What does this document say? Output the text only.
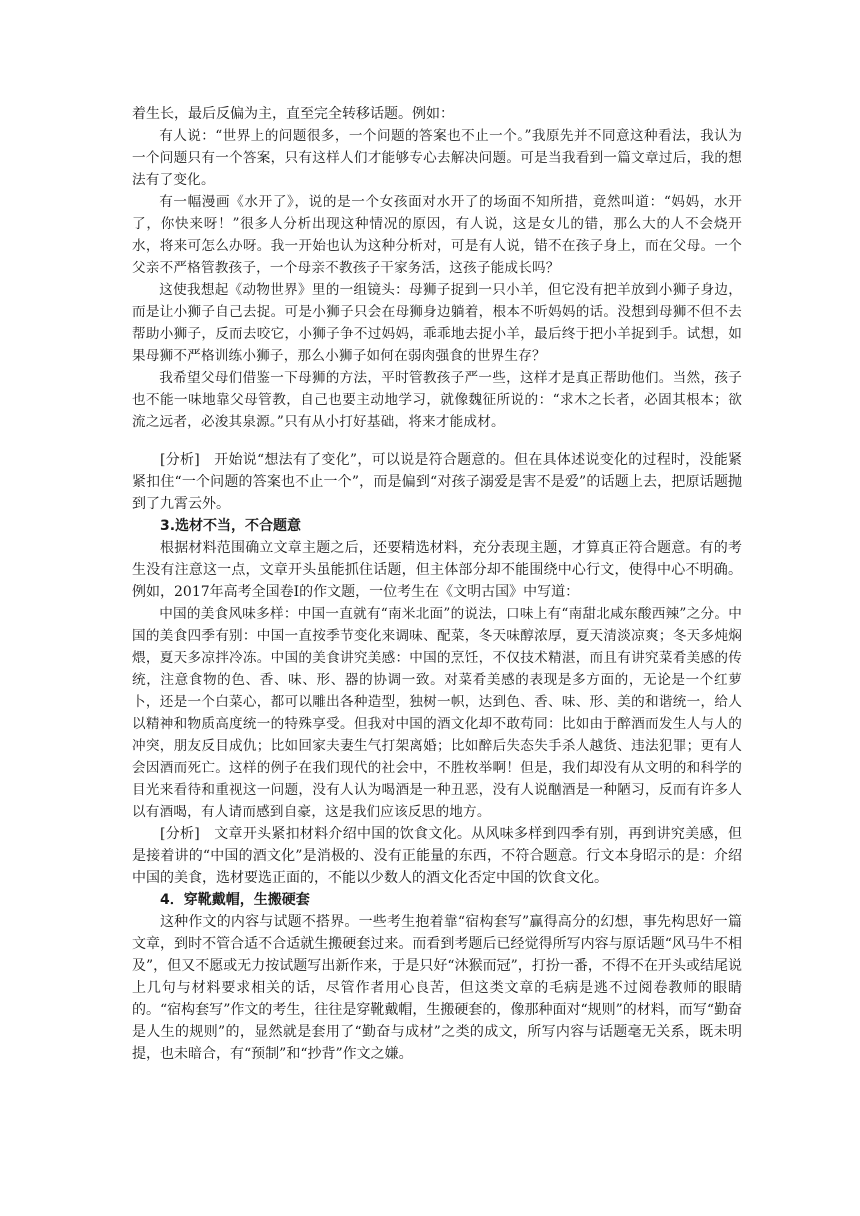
着生长，最后反偏为主，直至完全转移话题。例如：

有人说：“世界上的问题很多，一个问题的答案也不止一个。”我原先并不同意这种看法，我认为一个问题只有一个答案，只有这样人们才能够专心去解决问题。可是当我看到一篇文章过后，我的想法有了变化。

有一幅漫画《水开了》，说的是一个女孩面对水开了的场面不知所措，竟然叫道：“妈妈，水开了，你快来呀！”很多人分析出现这种情况的原因，有人说，这是女儿的错，那么大的人不会烧开水，将来可怎么办呀。我一开始也认为这种分析对，可是有人说，错不在孩子身上，而在父母。一个父亲不严格管教孩子，一个母亲不教孩子干家务活，这孩子能成长吗？

这使我想起《动物世界》里的一组镜头：母狮子捉到一只小羊，但它没有把羊放到小狮子身边，而是让小狮子自己去捉。可是小狮子只会在母狮身边躺着，根本不听妈妈的话。没想到母狮不但不去帮助小狮子，反而去咬它，小狮子争不过妈妈，乖乖地去捉小羊，最后终于把小羊捉到手。试想，如果母狮不严格训练小狮子，那么小狮子如何在弱肉强食的世界生存？

我希望父母们借鉴一下母狮的方法，平时管教孩子严一些，这样才是真正帮助他们。当然，孩子也不能一味地靠父母管教，自己也要主动地学习，就像魏征所说的：“求木之长者，必固其根本；欲流之远者，必浚其泉源。”只有从小打好基础，将来才能成材。

[分析]　开始说“想法有了变化”，可以说是符合题意的。但在具体述说变化的过程时，没能紧紧扣住“一个问题的答案也不止一个”，而是偏到“对孩子溺爱是害不是爱”的话题上去，把原话题抛到了九霄云外。

3.选材不当，不合题意

根据材料范围确立文章主题之后，还要精选材料，充分表现主题，才算真正符合题意。有的考生没有注意这一点，文章开头虽能抓住话题，但主体部分却不能围绕中心行文，使得中心不明确。例如，2017年高考全国卷Ⅰ的作文题，一位考生在《文明古国》中写道：

中国的美食风味多样：中国一直就有“南米北面”的说法，口味上有“南甜北咸东酸西辣”之分。中国的美食四季有别：中国一直按季节变化来调味、配菜，冬天味醇浓厚，夏天清淡凉爽；冬天多炖焖煨，夏天多凉拌冷冻。中国的美食讲究美感：中国的烹饪，不仅技术精湛，而且有讲究菜肴美感的传统，注意食物的色、香、味、形、器的协调一致。对菜肴美感的表现是多方面的，无论是一个红萝卜，还是一个白菜心，都可以雕出各种造型，独树一帜，达到色、香、味、形、美的和谐统一，给人以精神和物质高度统一的特殊享受。但我对中国的酒文化却不敢苟同：比如由于醉酒而发生人与人的冲突，朋友反目成仇；比如回家夫妻生气打架离婚；比如醉后失态失手杀人越货、违法犯罪；更有人会因酒而死亡。这样的例子在我们现代的社会中，不胜枚举啊！但是，我们却没有从文明的和科学的目光来看待和重视这一问题，没有人认为喝酒是一种丑恶，没有人说酗酒是一种陋习，反而有许多人以有酒喝，有人请而感到自豪，这是我们应该反思的地方。

[分析]　文章开头紧扣材料介绍中国的饮食文化。从风味多样到四季有别，再到讲究美感，但是接着讲的“中国的酒文化”是消极的、没有正能量的东西，不符合题意。行文本身昭示的是：介绍中国的美食，选材要选正面的，不能以少数人的酒文化否定中国的饮食文化。

4．穿靴戴帽，生搬硬套

这种作文的内容与试题不搭界。一些考生抱着靠“宿构套写”赢得高分的幻想，事先构思好一篇文章，到时不管合适不合适就生搬硬套过来。而看到考题后已经觉得所写内容与原话题“风马牛不相及”，但又不愿或无力按试题写出新作来，于是只好“沐猴而冠”，打扮一番，不得不在开头或结尾说上几句与材料要求相关的话，尽管作者用心良苦，但这类文章的毛病是逃不过阅卷教师的眼睛的。“宿构套写”作文的考生，往往是穿靴戴帽，生搬硬套的，像那种面对“规则”的材料，而写“勤奋是人生的规则”的，显然就是套用了“勤奋与成材”之类的成文，所写内容与话题毫无关系，既未明提，也未暗合，有“预制”和“抄背”作文之嫌。
